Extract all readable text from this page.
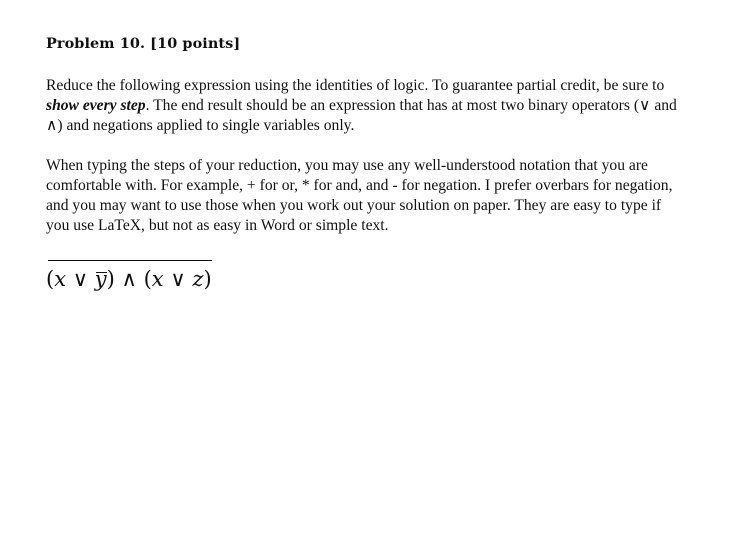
Problem 10. [10 points]

Reduce the following expression using the identities of logic. To guarantee partial credit, be sure to show every step. The end result should be an expression that has at most two binary operators (∨ and ∧) and negations applied to single variables only.

When typing the steps of your reduction, you may use any well-understood notation that you are comfortable with. For example, + for or, * for and, and - for negation. I prefer overbars for negation, and you may want to use those when you work out your solution on paper. They are easy to type if you use LaTeX, but not as easy in Word or simple text.

(x ∨ y) ∧ (x ∨ z)
